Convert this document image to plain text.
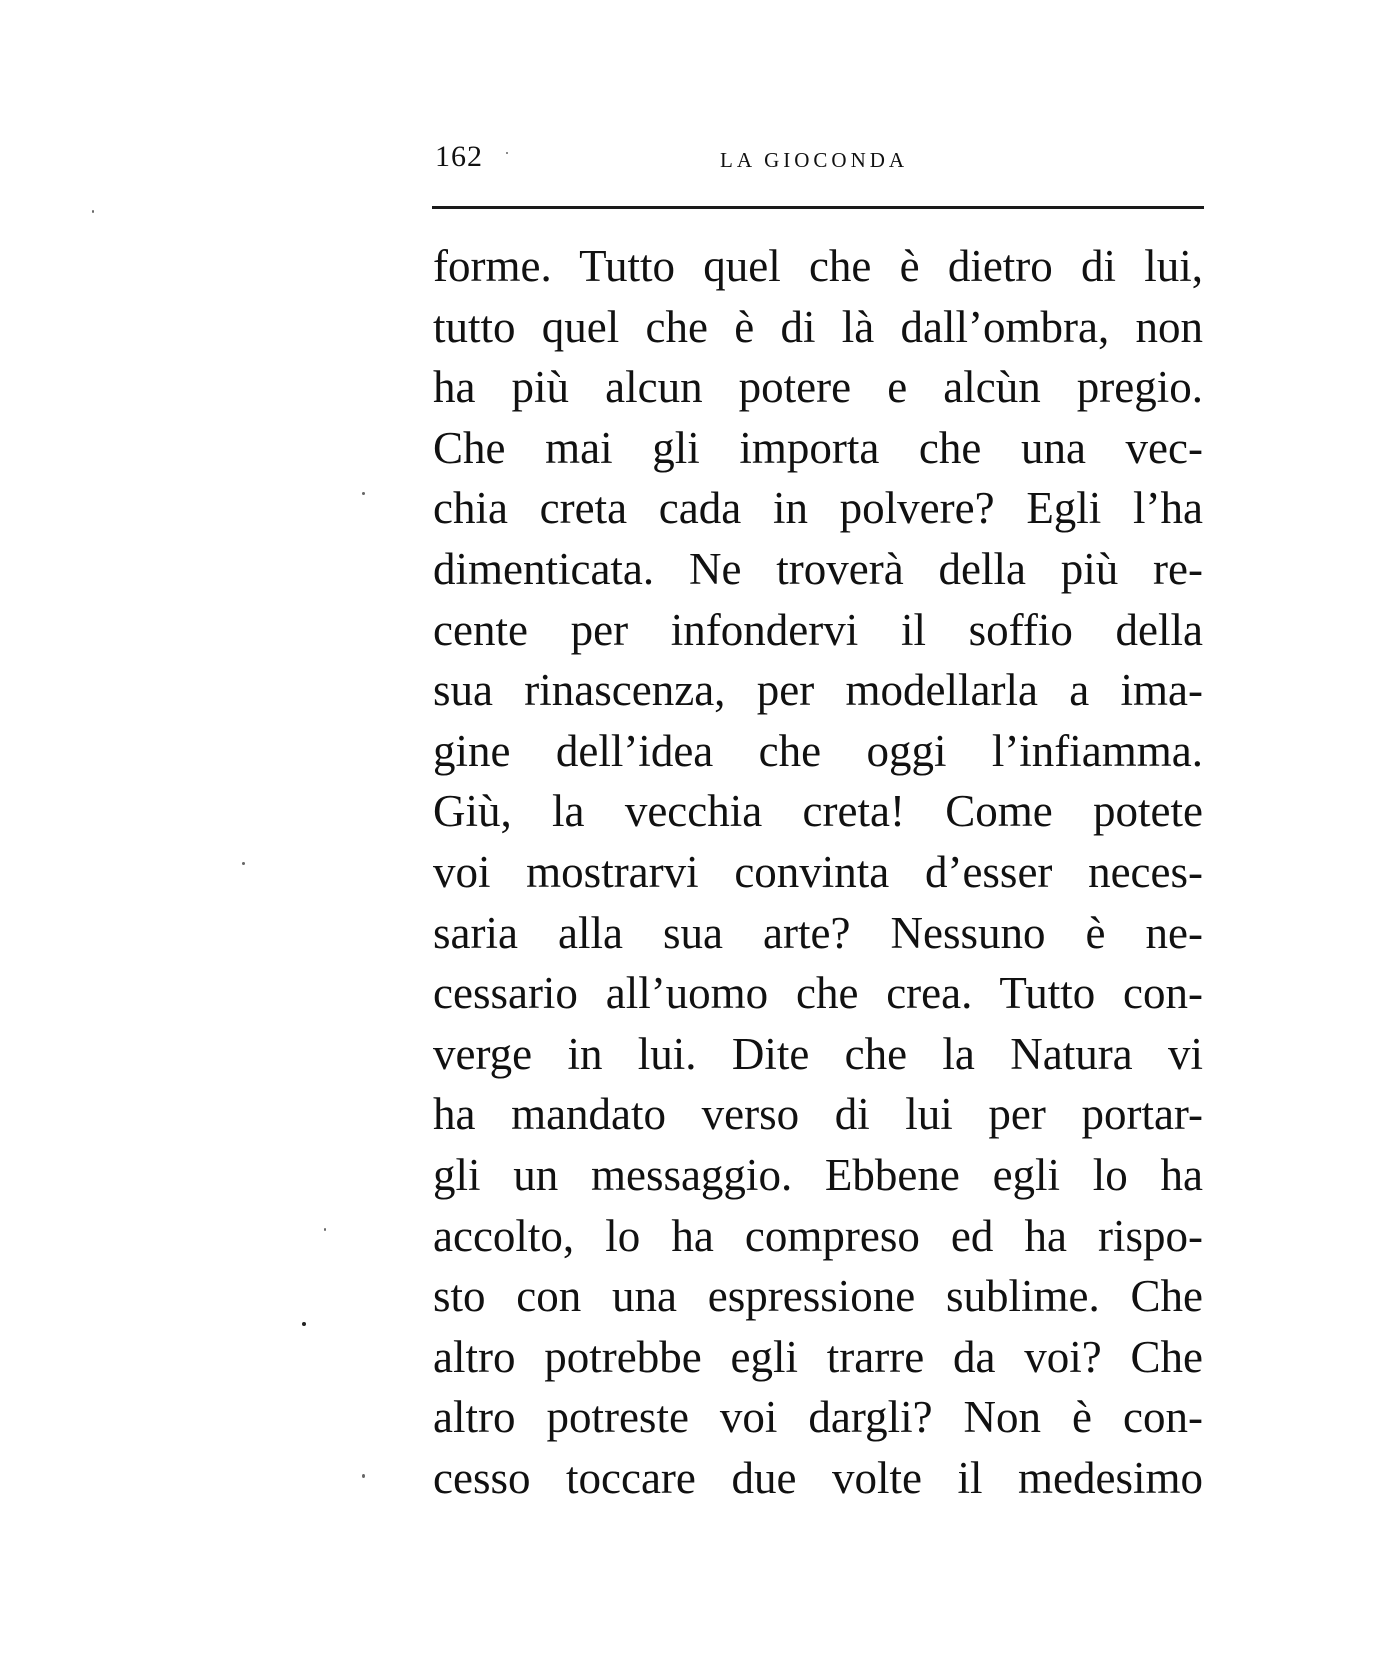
162	LA GIOCONDA
forme. Tutto quel che è dietro di lui,
tutto quel che è di là dall’ombra, non
ha più alcun potere e alcùn pregio.
Che mai gli importa che una vec-
chia creta cada in polvere? Egli l’ha
dimenticata. Ne troverà della più re-
cente per infondervi il soffio della
sua rinascenza, per modellarla a ima-
gine dell’idea che oggi l’infiamma.
Giù, la vecchia creta! Come potete
voi mostrarvi convinta d’esser neces-
saria alla sua arte? Nessuno è ne-
cessario all’uomo che crea. Tutto con-
verge in lui. Dite che la Natura vi
ha mandato verso di lui per portar-
gli un messaggio. Ebbene egli lo ha
accolto, lo ha compreso ed ha rispo-
sto con una espressione sublime. Che
altro potrebbe egli trarre da voi? Che
altro potreste voi dargli? Non è con-
cesso toccare due volte il medesimo
